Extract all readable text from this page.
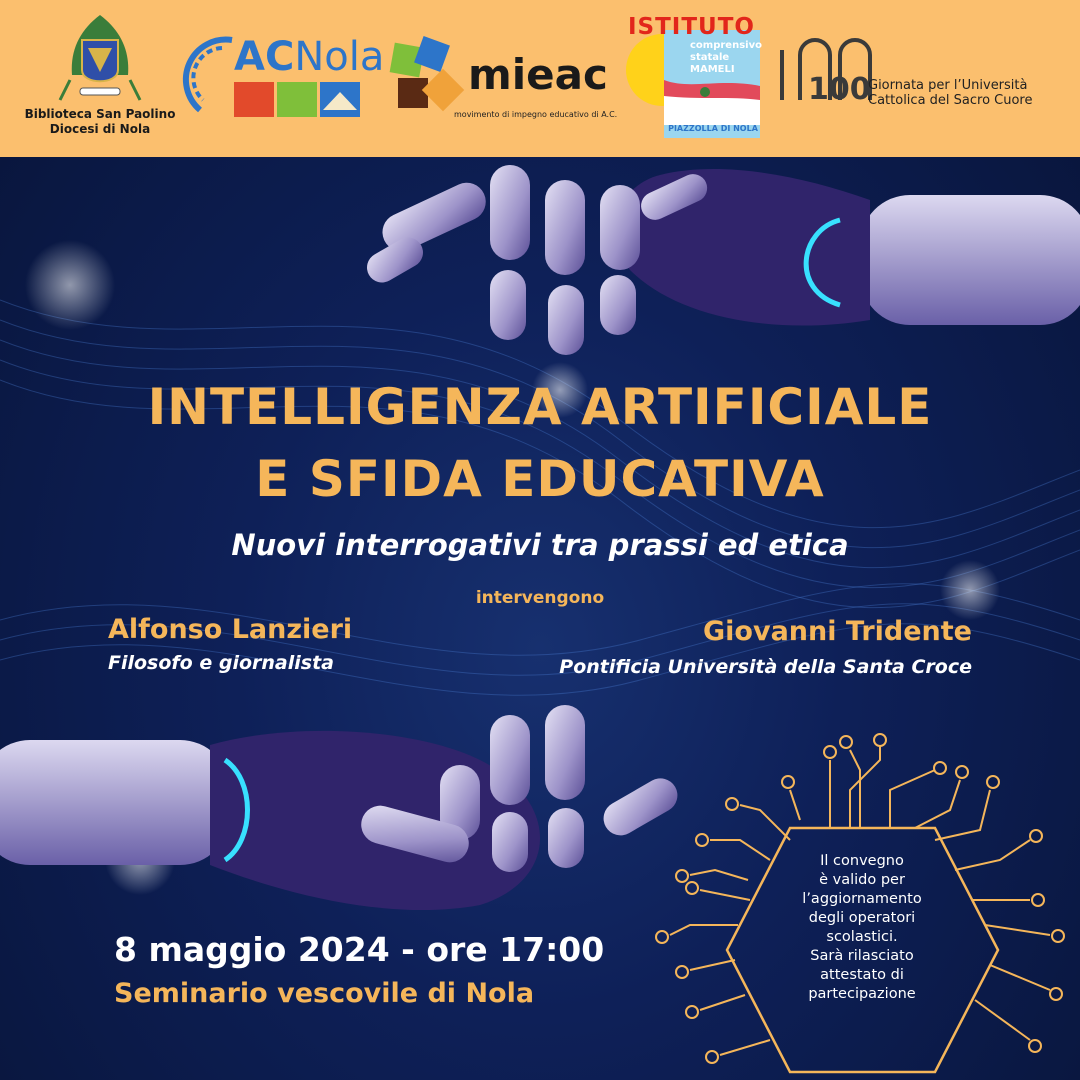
Biblioteca San Paolino
Diocesi di Nola
ACNola mieac
movimento di impegno educativo di A.C.
ISTITUTO
comprensivo
statale
MAMELI
PIAZZOLLA DI NOLA
100
Giornata per l’Università
Cattolica del Sacro Cuore
INTELLIGENZA ARTIFICIALE
E SFIDA EDUCATIVA
Nuovi interrogativi tra prassi ed etica
intervengono
Alfonso Lanzieri
Filosofo e giornalista
Giovanni Tridente
Pontificia Università della Santa Croce
8 maggio 2024 - ore 17:00
Seminario vescovile di Nola
Il convegno
è valido per
l’aggiornamento
degli operatori
scolastici.
Sarà rilasciato
attestato di
partecipazione
